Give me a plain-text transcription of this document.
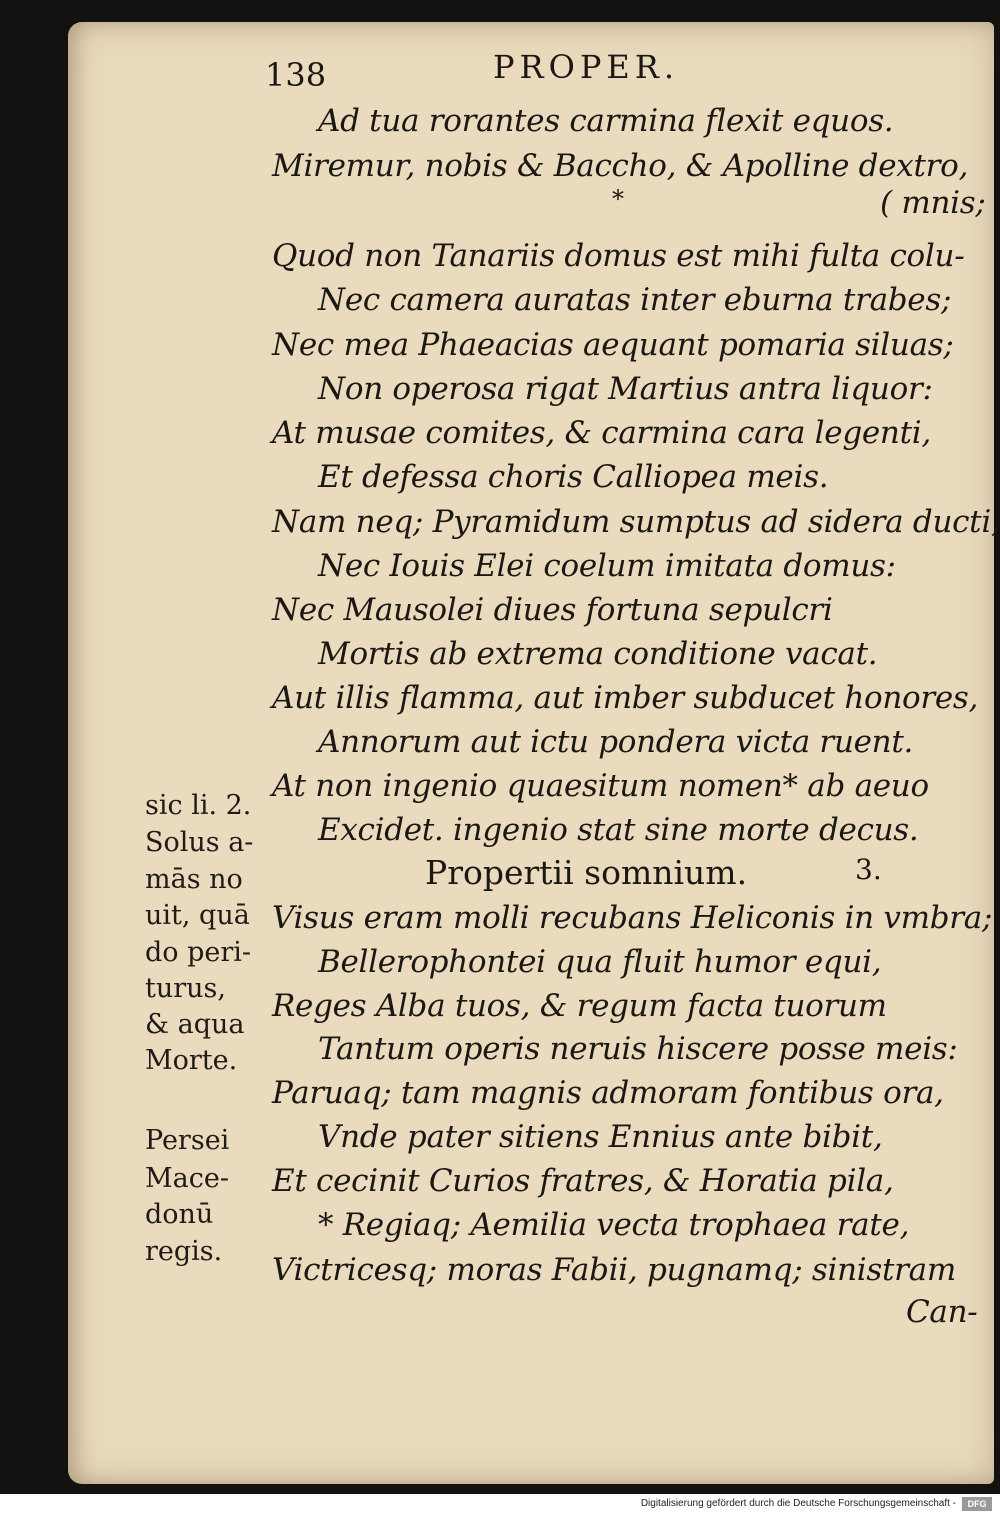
138	PROPER.
Ad tua rorantes carmina flexit equos.
Miremur, nobis & Baccho, & Apolline dextro,
*	( mnis;
Quod non Tanariis domus est mihi fulta colu-
Nec camera auratas inter eburna trabes;
Nec mea Phaeacias aequant pomaria siluas;
Non operosa rigat Martius antra liquor:
At musae comites, & carmina cara legenti,
Et defessa choris Calliopea meis.
Nam neq; Pyramidum sumptus ad sidera ducti,
Nec Iouis Elei coelum imitata domus:
Nec Mausolei diues fortuna sepulcri
Mortis ab extrema conditione vacat.
Aut illis flamma, aut imber subducet honores,
Annorum aut ictu pondera victa ruent.
At non ingenio quaesitum nomen* ab aeuo
Excidet. ingenio stat sine morte decus.
Propertii somnium.	3.
Visus eram molli recubans Heliconis in vmbra;
Bellerophontei qua fluit humor equi,
Reges Alba tuos, & regum facta tuorum
Tantum operis neruis hiscere posse meis:
Paruaq; tam magnis admoram fontibus ora,
Vnde pater sitiens Ennius ante bibit,
Et cecinit Curios fratres, & Horatia pila,
* Regiaq; Aemilia vecta trophaea rate,
Victricesq; moras Fabii, pugnamq; sinistram
Can-
sic li. 2.
Solus a-
mās no
uit, quā
do peri-
turus,
& aqua
Morte.
Persei
Mace-
donū
regis.
Digitalisierung gefördert durch die Deutsche Forschungsgemeinschaft -	DFG
